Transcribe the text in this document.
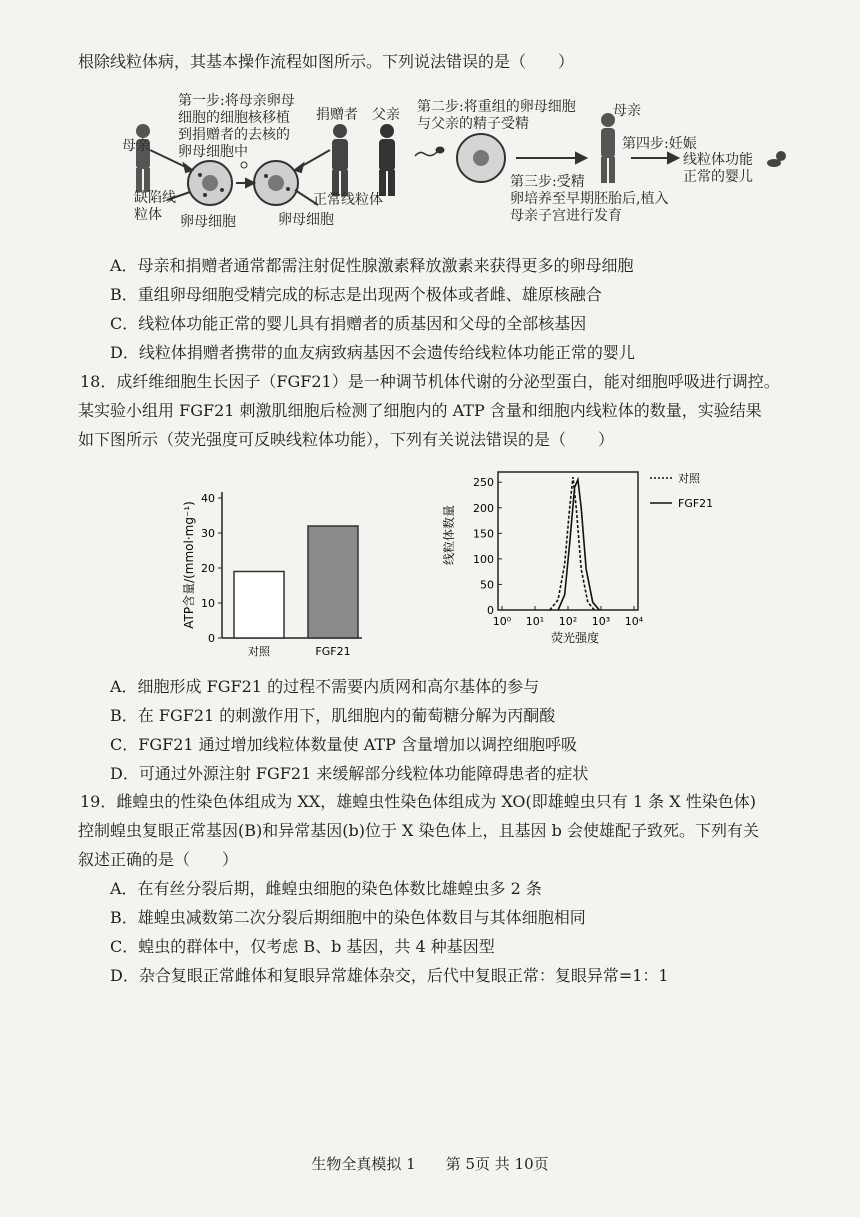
根除线粒体病，其基本操作流程如图所示。下列说法错误的是（　　）
母亲
第一步:将母亲卵母
细胞的细胞核移植
到捐赠者的去核的
卵母细胞中
捐赠者 父亲 第二步:将重组的卵母细胞
与父亲的精子受精
母亲
第四步:妊娠
线粒体功能
正常的婴儿
缺陷线
粒体
正常线粒体
卵母细胞	卵母细胞
第三步:受精
卵培养至早期胚胎后,植入
母亲子宫进行发育
A．母亲和捐赠者通常都需注射促性腺激素释放激素来获得更多的卵母细胞
B．重组卵母细胞受精完成的标志是出现两个极体或者雌、雄原核融合
C．线粒体功能正常的婴儿具有捐赠者的质基因和父母的全部核基因
D．线粒体捐赠者携带的血友病致病基因不会遗传给线粒体功能正常的婴儿
18．成纤维细胞生长因子（FGF21）是一种调节机体代谢的分泌型蛋白，能对细胞呼吸进行调控。
某实验小组用 FGF21 刺激肌细胞后检测了细胞内的 ATP 含量和细胞内线粒体的数量，实验结果
如下图所示（荧光强度可反映线粒体功能），下列有关说法错误的是（　　）
0
10
20
30
40
对照	FGF21
ATP含量/(mmol·mg⁻¹)	0
50
100
150
200
250
10⁰ 10¹ 10² 10³ 10⁴
对照
FGF21
荧光强度
线粒体数量
A．细胞形成 FGF21 的过程不需要内质网和高尔基体的参与
B．在 FGF21 的刺激作用下，肌细胞内的葡萄糖分解为丙酮酸
C．FGF21 通过增加线粒体数量使 ATP 含量增加以调控细胞呼吸
D．可通过外源注射 FGF21 来缓解部分线粒体功能障碍患者的症状
19．雌蝗虫的性染色体组成为 XX，雄蝗虫性染色体组成为 XO(即雄蝗虫只有 1 条 X 性染色体)
控制蝗虫复眼正常基因(B)和异常基因(b)位于 X 染色体上，且基因 b 会使雄配子致死。下列有关
叙述正确的是（　　）
A．在有丝分裂后期，雌蝗虫细胞的染色体数比雄蝗虫多 2 条
B．雄蝗虫减数第二次分裂后期细胞中的染色体数目与其体细胞相同
C．蝗虫的群体中，仅考虑 B、b 基因，共 4 种基因型
D．杂合复眼正常雌体和复眼异常雄体杂交，后代中复眼正常：复眼异常=1：1
生物全真模拟 1　　第 5页 共 10页
